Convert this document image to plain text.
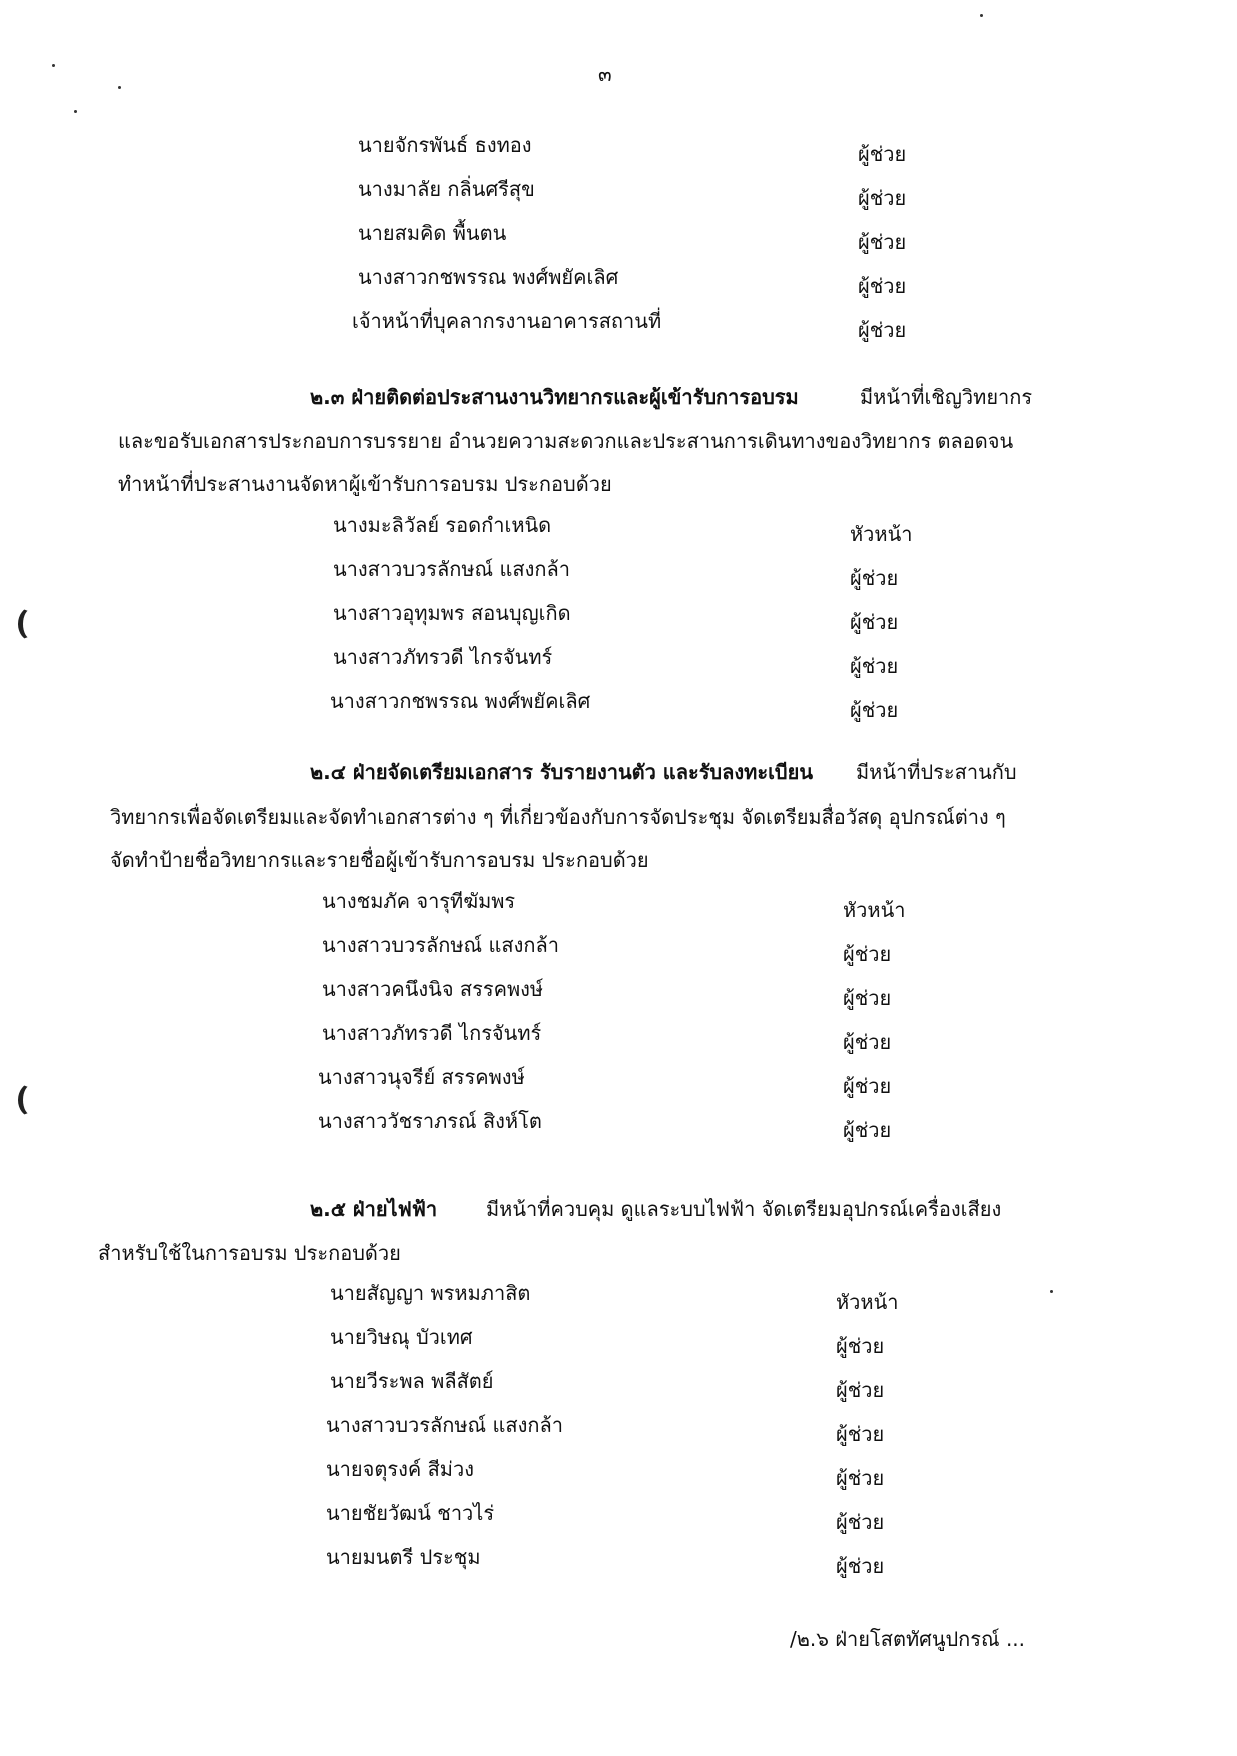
๓
นายจักรพันธ์ ธงทอง	ผู้ช่วย
นางมาลัย กลิ่นศรีสุข	ผู้ช่วย
นายสมคิด พื้นตน	ผู้ช่วย
นางสาวกชพรรณ พงศ์พยัคเลิศ	ผู้ช่วย
เจ้าหน้าที่บุคลากรงานอาคารสถานที่	ผู้ช่วย
๒.๓ ฝ่ายติดต่อประสานงานวิทยากรและผู้เข้ารับการอบรม	มีหน้าที่เชิญวิทยากร
และขอรับเอกสารประกอบการบรรยาย อำนวยความสะดวกและประสานการเดินทางของวิทยากร ตลอดจน
ทำหน้าที่ประสานงานจัดหาผู้เข้ารับการอบรม ประกอบด้วย
นางมะลิวัลย์ รอดกำเหนิด	หัวหน้า
นางสาวบวรลักษณ์ แสงกล้า	ผู้ช่วย
นางสาวอุทุมพร สอนบุญเกิด	ผู้ช่วย
นางสาวภัทรวดี ไกรจันทร์	ผู้ช่วย
นางสาวกชพรรณ พงศ์พยัคเลิศ	ผู้ช่วย
๒.๔ ฝ่ายจัดเตรียมเอกสาร รับรายงานตัว และรับลงทะเบียน มีหน้าที่ประสานกับ
วิทยากรเพื่อจัดเตรียมและจัดทำเอกสารต่าง ๆ ที่เกี่ยวข้องกับการจัดประชุม จัดเตรียมสื่อวัสดุ อุปกรณ์ต่าง ๆ
จัดทำป้ายชื่อวิทยากรและรายชื่อผู้เข้ารับการอบรม ประกอบด้วย
นางชมภัค จารุทีฆัมพร	หัวหน้า
นางสาวบวรลักษณ์ แสงกล้า	ผู้ช่วย
นางสาวคนึงนิจ สรรคพงษ์	ผู้ช่วย
นางสาวภัทรวดี ไกรจันทร์	ผู้ช่วย
นางสาวนุจรีย์ สรรคพงษ์	ผู้ช่วย
นางสาววัชราภรณ์ สิงห์โต	ผู้ช่วย
๒.๕ ฝ่ายไฟฟ้า มีหน้าที่ควบคุม ดูแลระบบไฟฟ้า จัดเตรียมอุปกรณ์เครื่องเสียง
สำหรับใช้ในการอบรม ประกอบด้วย
นายสัญญา พรหมภาสิต	หัวหน้า
นายวิษณุ บัวเทศ	ผู้ช่วย
นายวีระพล พลีสัตย์	ผู้ช่วย
นางสาวบวรลักษณ์ แสงกล้า	ผู้ช่วย
นายจตุรงค์ สีม่วง	ผู้ช่วย
นายชัยวัฒน์ ชาวไร่	ผู้ช่วย
นายมนตรี ประชุม	ผู้ช่วย
/๒.๖ ฝ่ายโสตทัศนูปกรณ์ ...
